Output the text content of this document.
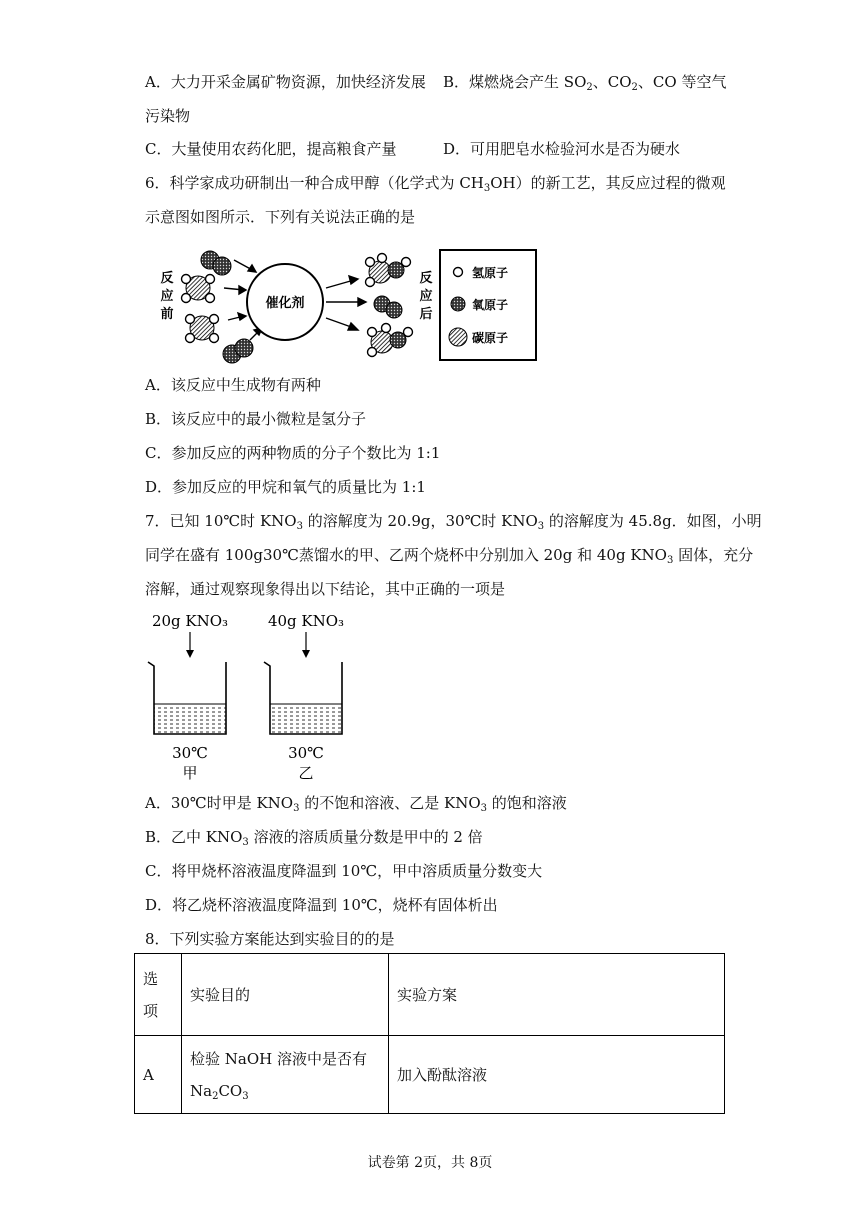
A．大力开采金属矿物资源，加快经济发展 B．煤燃烧会产生 $SO_2$、$CO_2$、CO 等空气
污染物
C．大量使用农药化肥，提高粮食产量	D．可用肥皂水检验河水是否为硬水
6．科学家成功研制出一种合成甲醇（化学式为 $CH_3OH$）的新工艺，其反应过程的微观
示意图如图所示．下列有关说法正确的是
反应前
催化剂
反应后
氢原子
氧原子
碳原子
A．该反应中生成物有两种
B．该反应中的最小微粒是氢分子
C．参加反应的两种物质的分子个数比为 1:1
D．参加反应的甲烷和氧气的质量比为 1:1
7．已知 10℃时 $KNO_3$ 的溶解度为 20.9g，30℃时 $KNO_3$ 的溶解度为 45.8g．如图，小明
同学在盛有 100g30℃蒸馏水的甲、乙两个烧杯中分别加入 20g 和 40g $KNO_3$ 固体，充分
溶解，通过观察现象得出以下结论，其中正确的一项是
20g KNO₃
30℃
甲
40g KNO₃
30℃
乙
A．30℃时甲是 $KNO_3$ 的不饱和溶液、乙是 $KNO_3$ 的饱和溶液
B．乙中 $KNO_3$ 溶液的溶质质量分数是甲中的 2 倍
C．将甲烧杯溶液温度降温到 10℃，甲中溶质质量分数变大
D．将乙烧杯溶液温度降温到 10℃，烧杯有固体析出
8．下列实验方案能达到实验目的的是
选
项	实验目的	实验方案
A	检验 NaOH 溶液中是否有
$Na_2CO_3$	加入酚酞溶液
试卷第 2页，共 8页
